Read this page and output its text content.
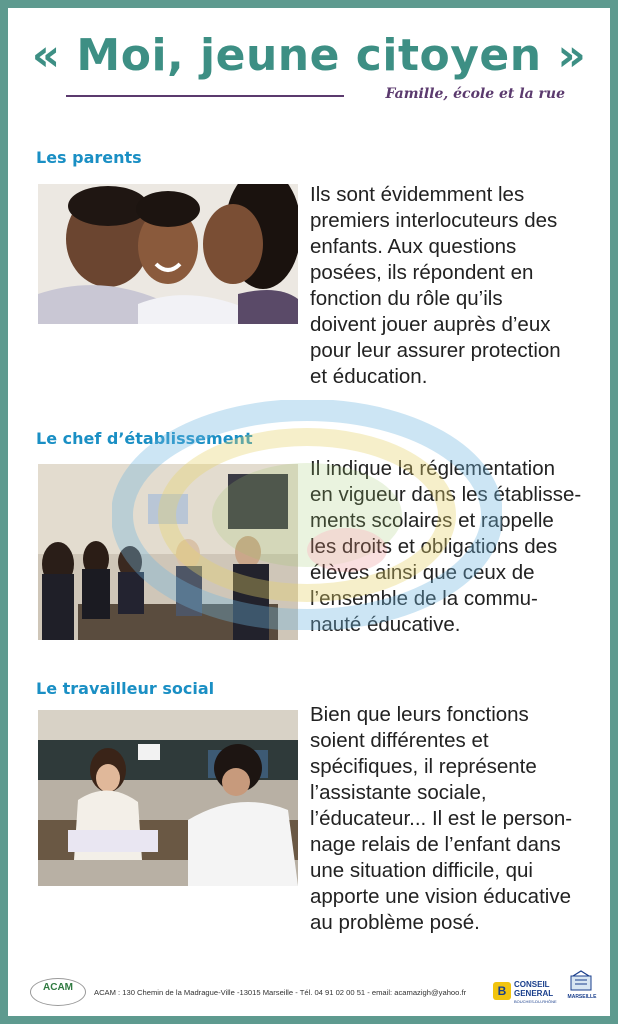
« Moi, jeune citoyen »
Famille, école et la rue
Les parents
Ils sont évidemment les
premiers interlocuteurs des
enfants. Aux questions
posées, ils répondent en
fonction du rôle qu’ils
doivent jouer auprès d’eux
pour leur assurer protection
et éducation.
Le chef d’établissement
Il indique la réglementation
en vigueur dans les établisse-
ments scolaires et rappelle
les droits et obligations des
élèves ainsi que ceux de
l’ensemble de la commu-
nauté éducative.
Le travailleur social
Bien que leurs fonctions
soient différentes et
spécifiques, il représente
l’assistante sociale,
l’éducateur... Il est le person-
nage relais de l’enfant dans
une situation difficile, qui
apporte une vision éducative
au problème posé.
ACAM	ACAM : 130 Chemin de la Madrague-Ville -13015 Marseille - Tél. 04 91 02 00 51 - email: acamazigh@yahoo.fr	B CONSEIL
GENERAL
BOUCHES-DU-RHÔNE
MARSEILLE
